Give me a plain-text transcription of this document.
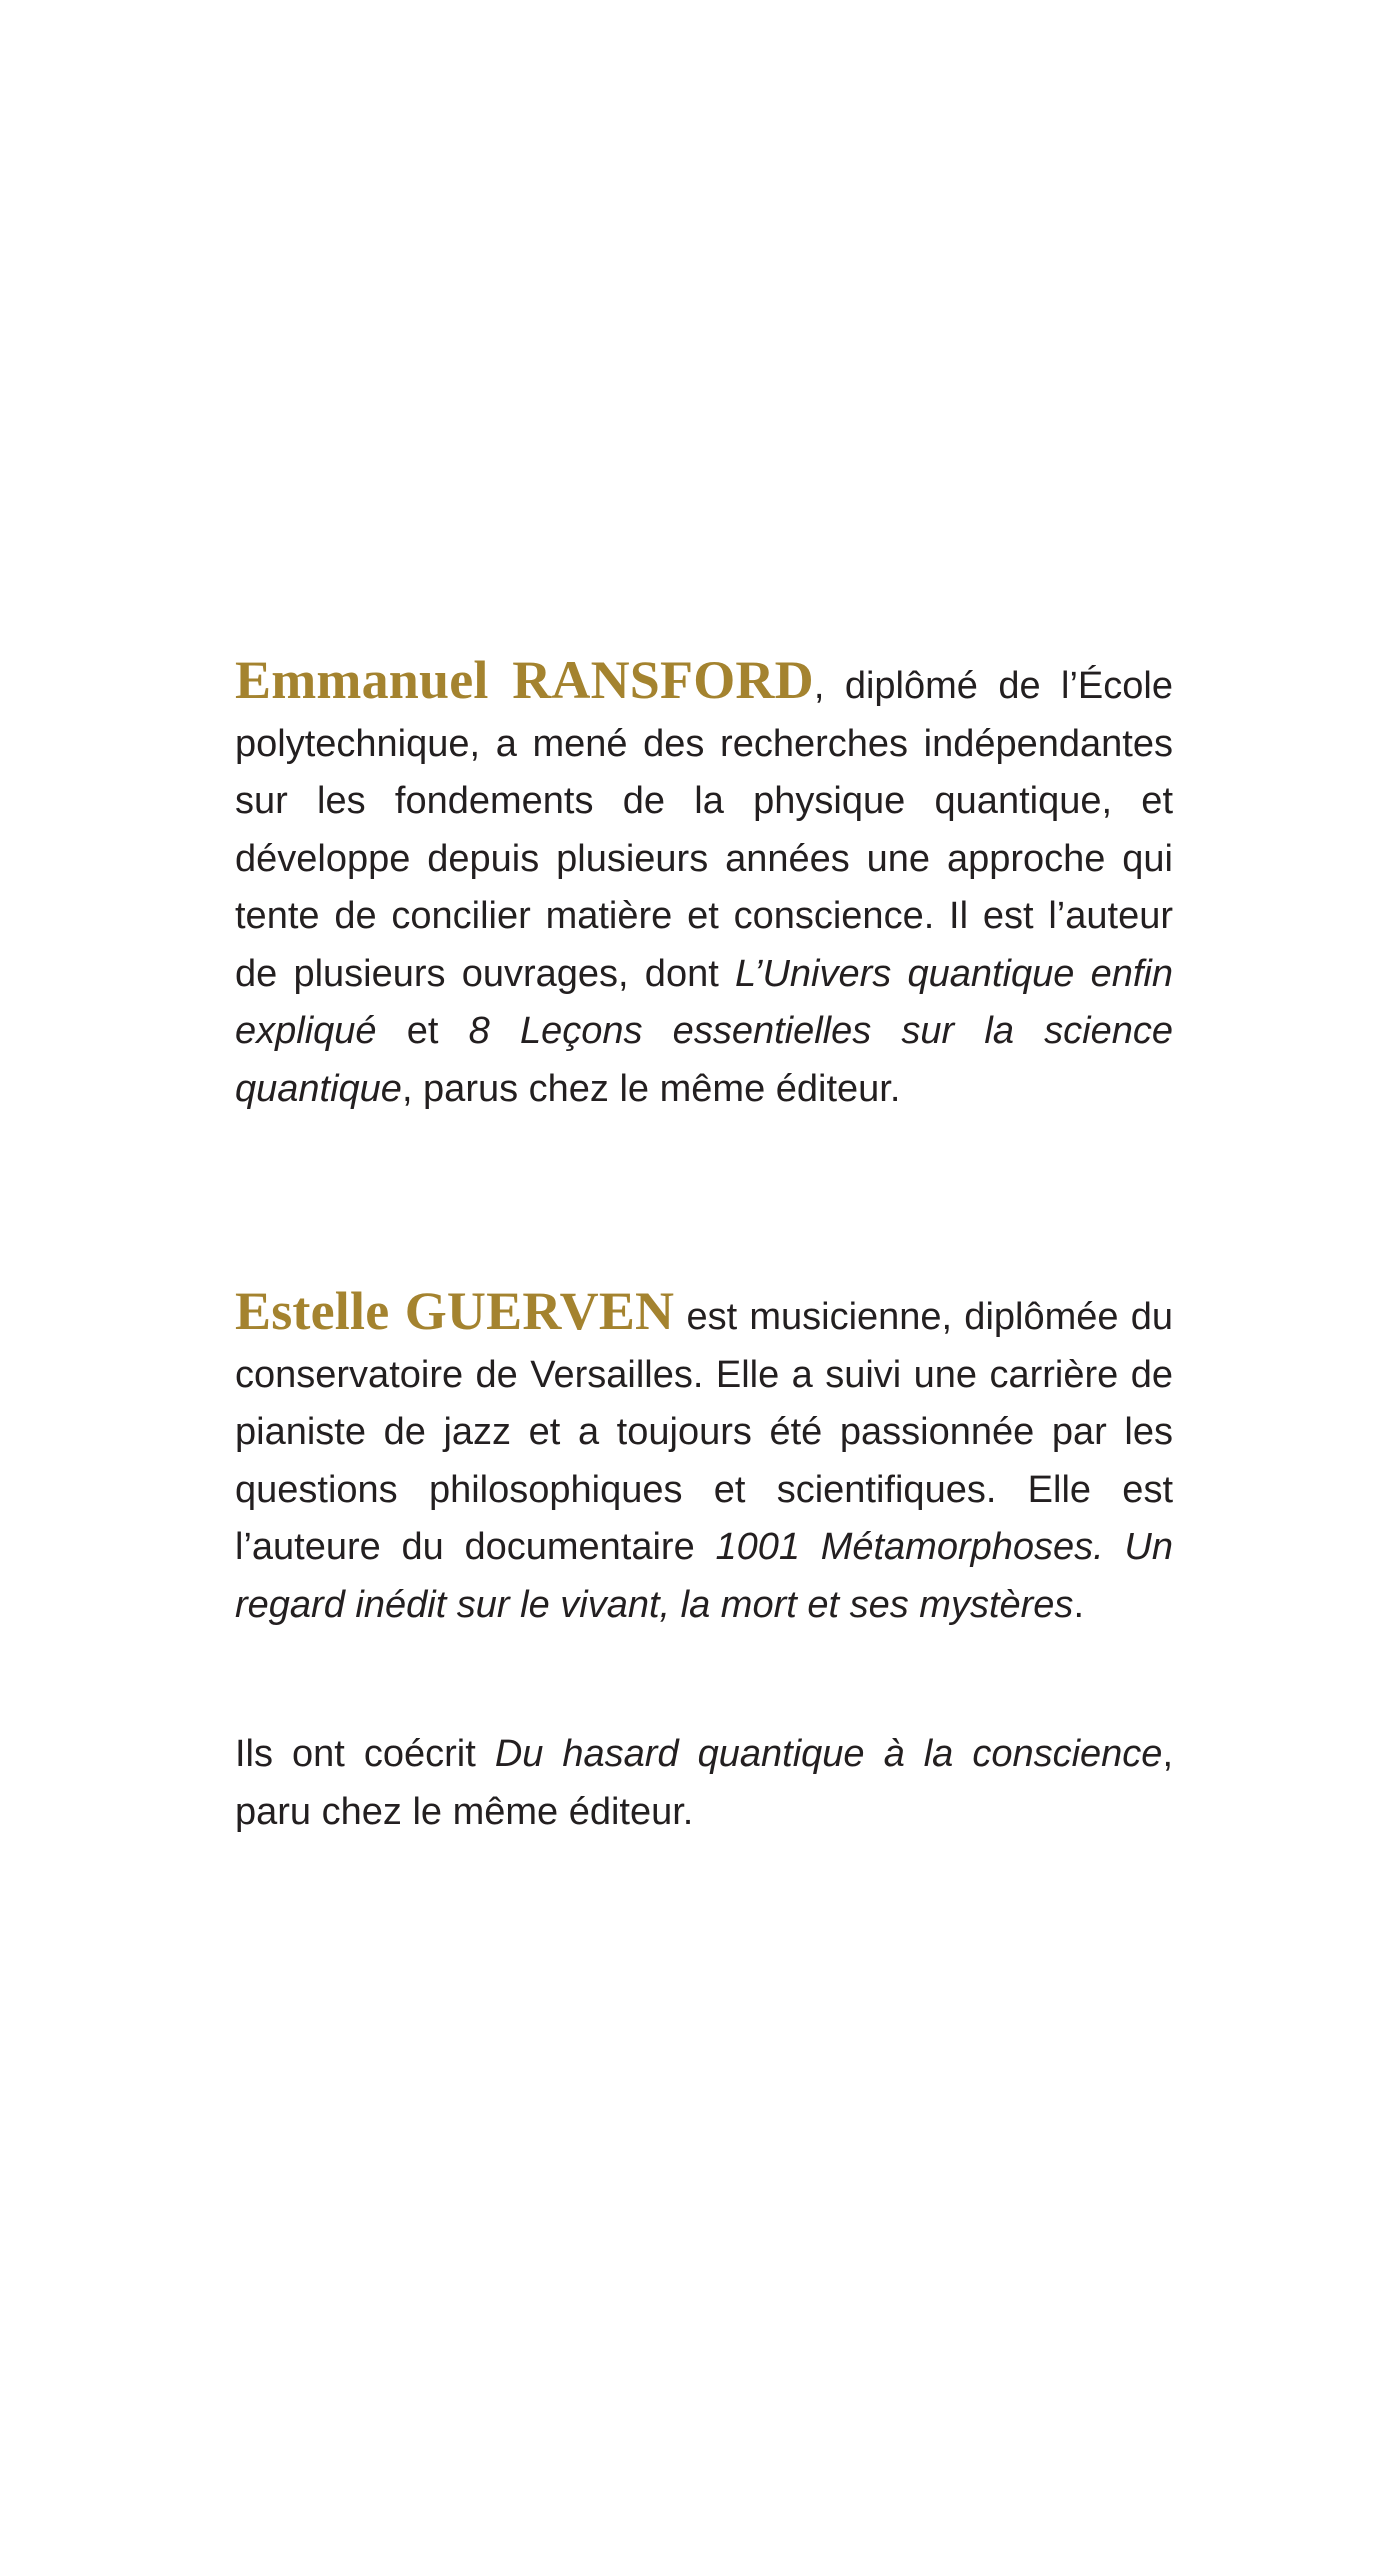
Emmanuel RANSFORD, diplômé de l’École polytechnique, a mené des recherches indépendantes sur les fondements de la physique quantique, et développe depuis plusieurs années une approche qui tente de concilier matière et conscience. Il est l’auteur de plusieurs ouvrages, dont L’Univers quantique enfin expliqué et 8 Leçons essentielles sur la science quantique, parus chez le même éditeur.

Estelle GUERVEN est musicienne, diplômée du conservatoire de Versailles. Elle a suivi une carrière de pianiste de jazz et a toujours été passionnée par les questions philosophiques et scientifiques. Elle est l’auteure du documentaire 1001 Métamorphoses. Un regard inédit sur le vivant, la mort et ses mystères.

Ils ont coécrit Du hasard quantique à la conscience, paru chez le même éditeur.
